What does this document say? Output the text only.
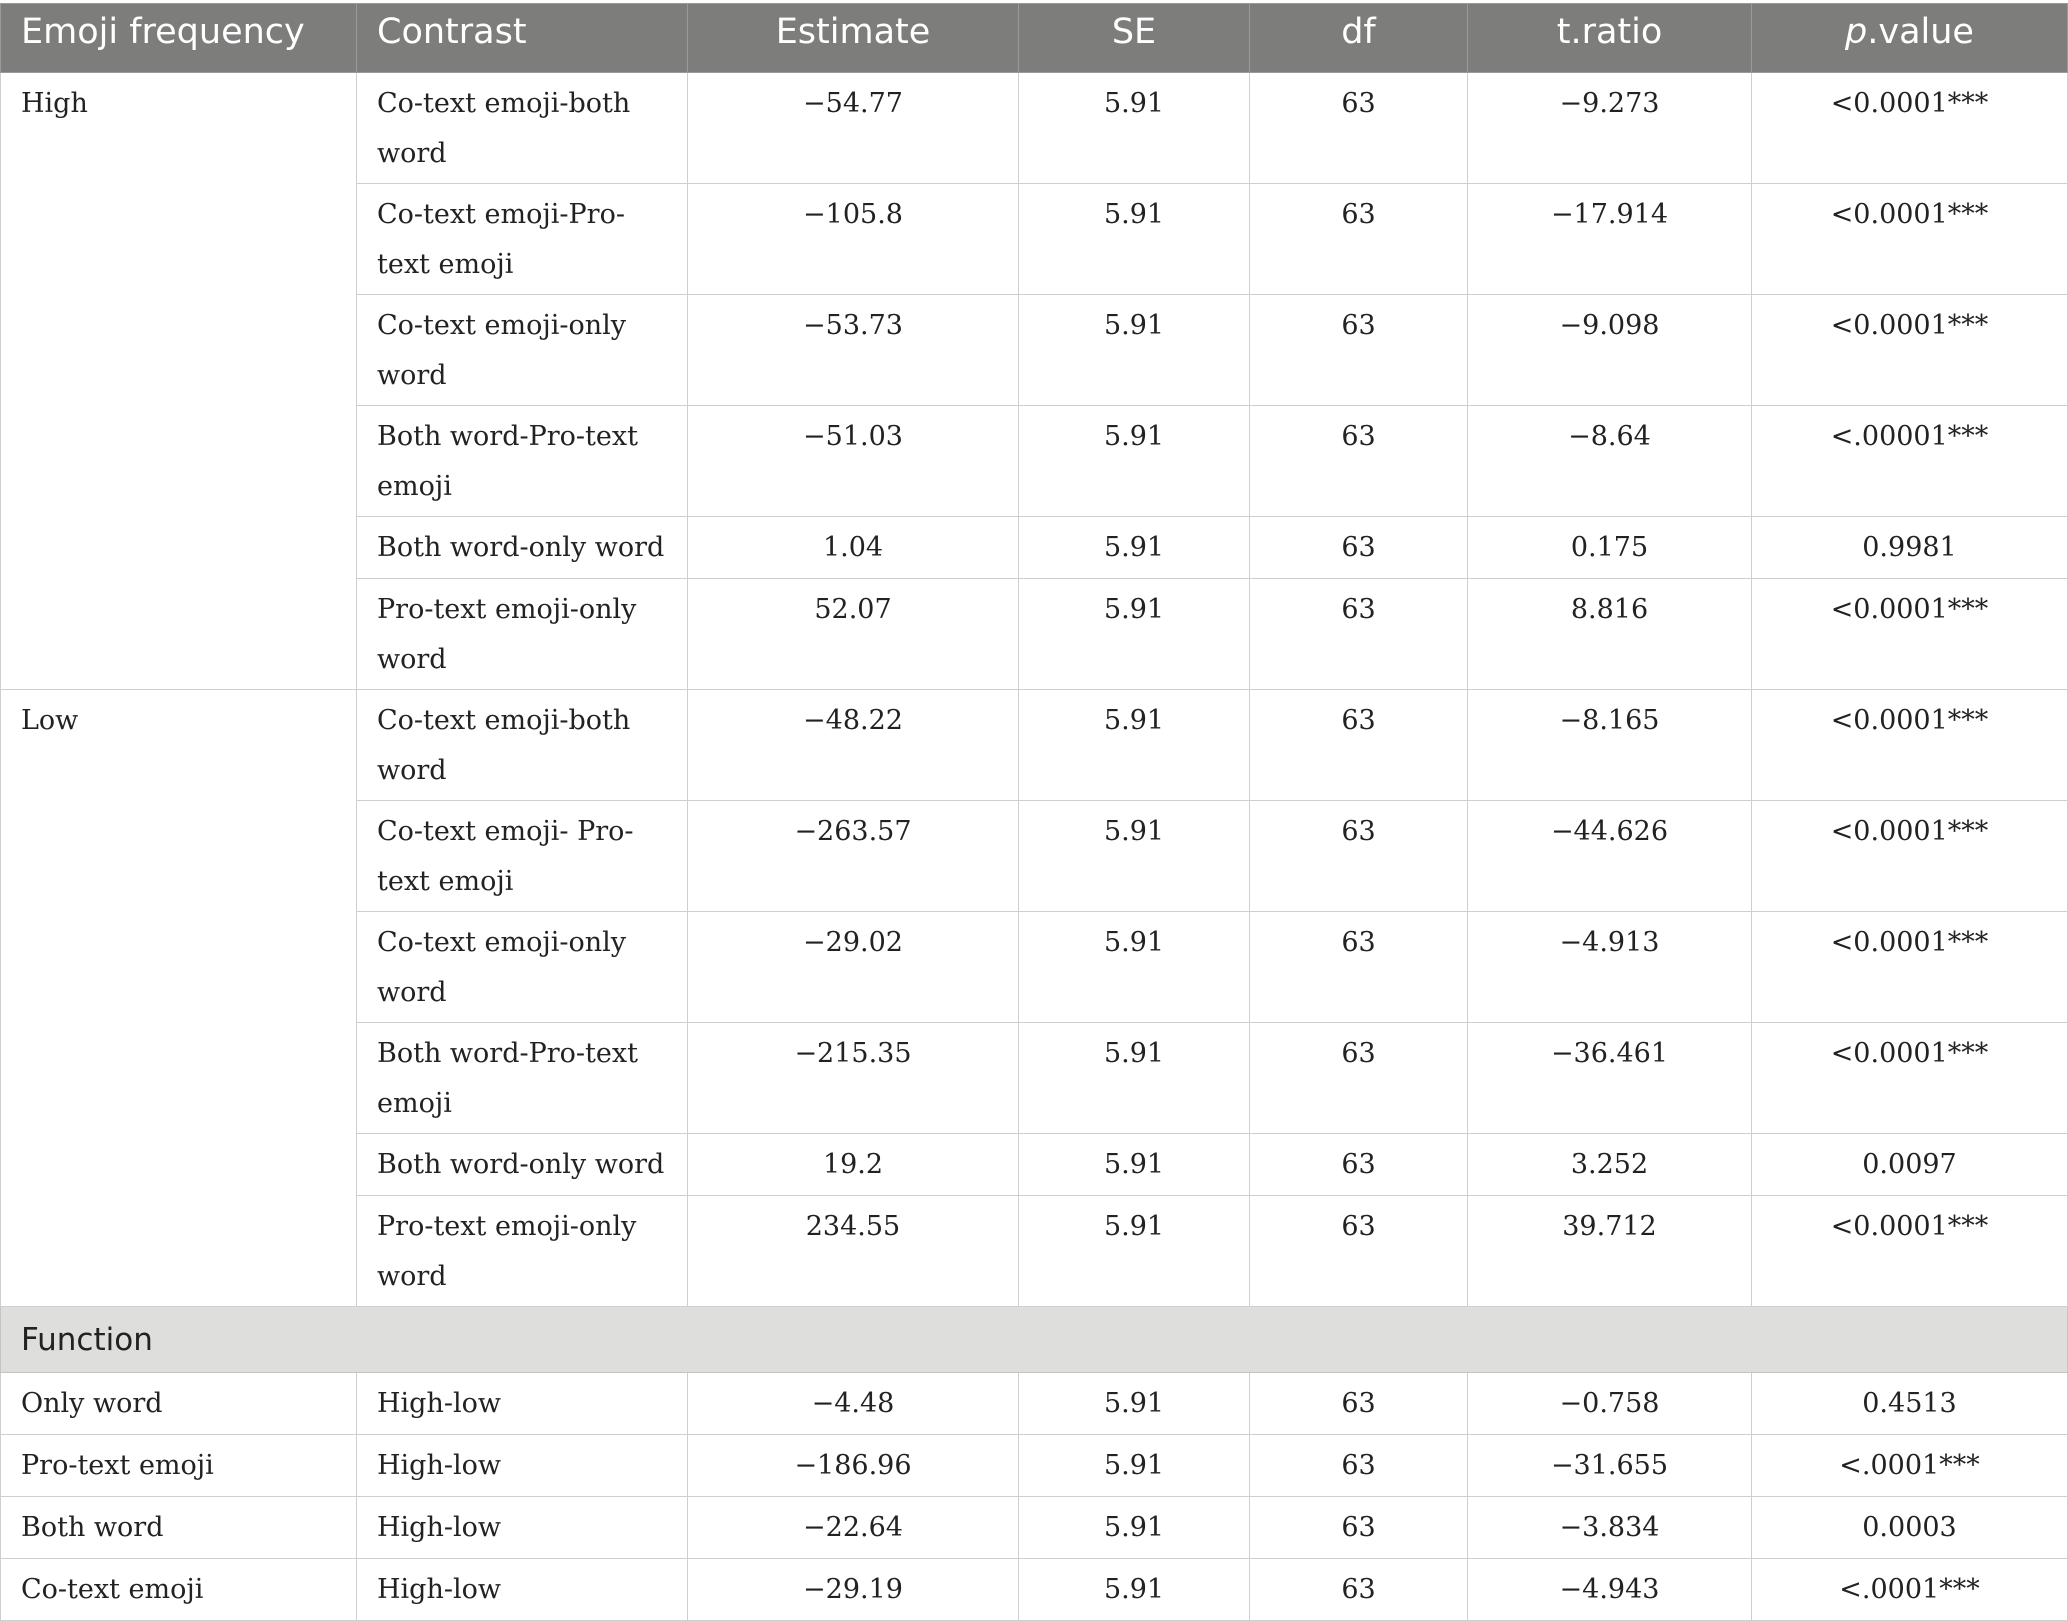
Emoji frequency	Contrast	Estimate	SE	df	t.ratio	p.value
High	Co-text emoji-both word	−54.77	5.91	63	−9.273	<0.0001***
	Co-text emoji-Pro-text emoji	−105.8	5.91	63	−17.914	<0.0001***
	Co-text emoji-only word	−53.73	5.91	63	−9.098	<0.0001***
	Both word-Pro-text emoji	−51.03	5.91	63	−8.64	<.00001***
	Both word-only word	1.04	5.91	63	0.175	0.9981
	Pro-text emoji-only word	52.07	5.91	63	8.816	<0.0001***
Low	Co-text emoji-both word	−48.22	5.91	63	−8.165	<0.0001***
	Co-text emoji- Pro-text emoji	−263.57	5.91	63	−44.626	<0.0001***
	Co-text emoji-only word	−29.02	5.91	63	−4.913	<0.0001***
	Both word-Pro-text emoji	−215.35	5.91	63	−36.461	<0.0001***
	Both word-only word	19.2	5.91	63	3.252	0.0097
	Pro-text emoji-only word	234.55	5.91	63	39.712	<0.0001***
Function						
Only word	High-low	−4.48	5.91	63	−0.758	0.4513
Pro-text emoji	High-low	−186.96	5.91	63	−31.655	<.0001***
Both word	High-low	−22.64	5.91	63	−3.834	0.0003
Co-text emoji	High-low	−29.19	5.91	63	−4.943	<.0001***
